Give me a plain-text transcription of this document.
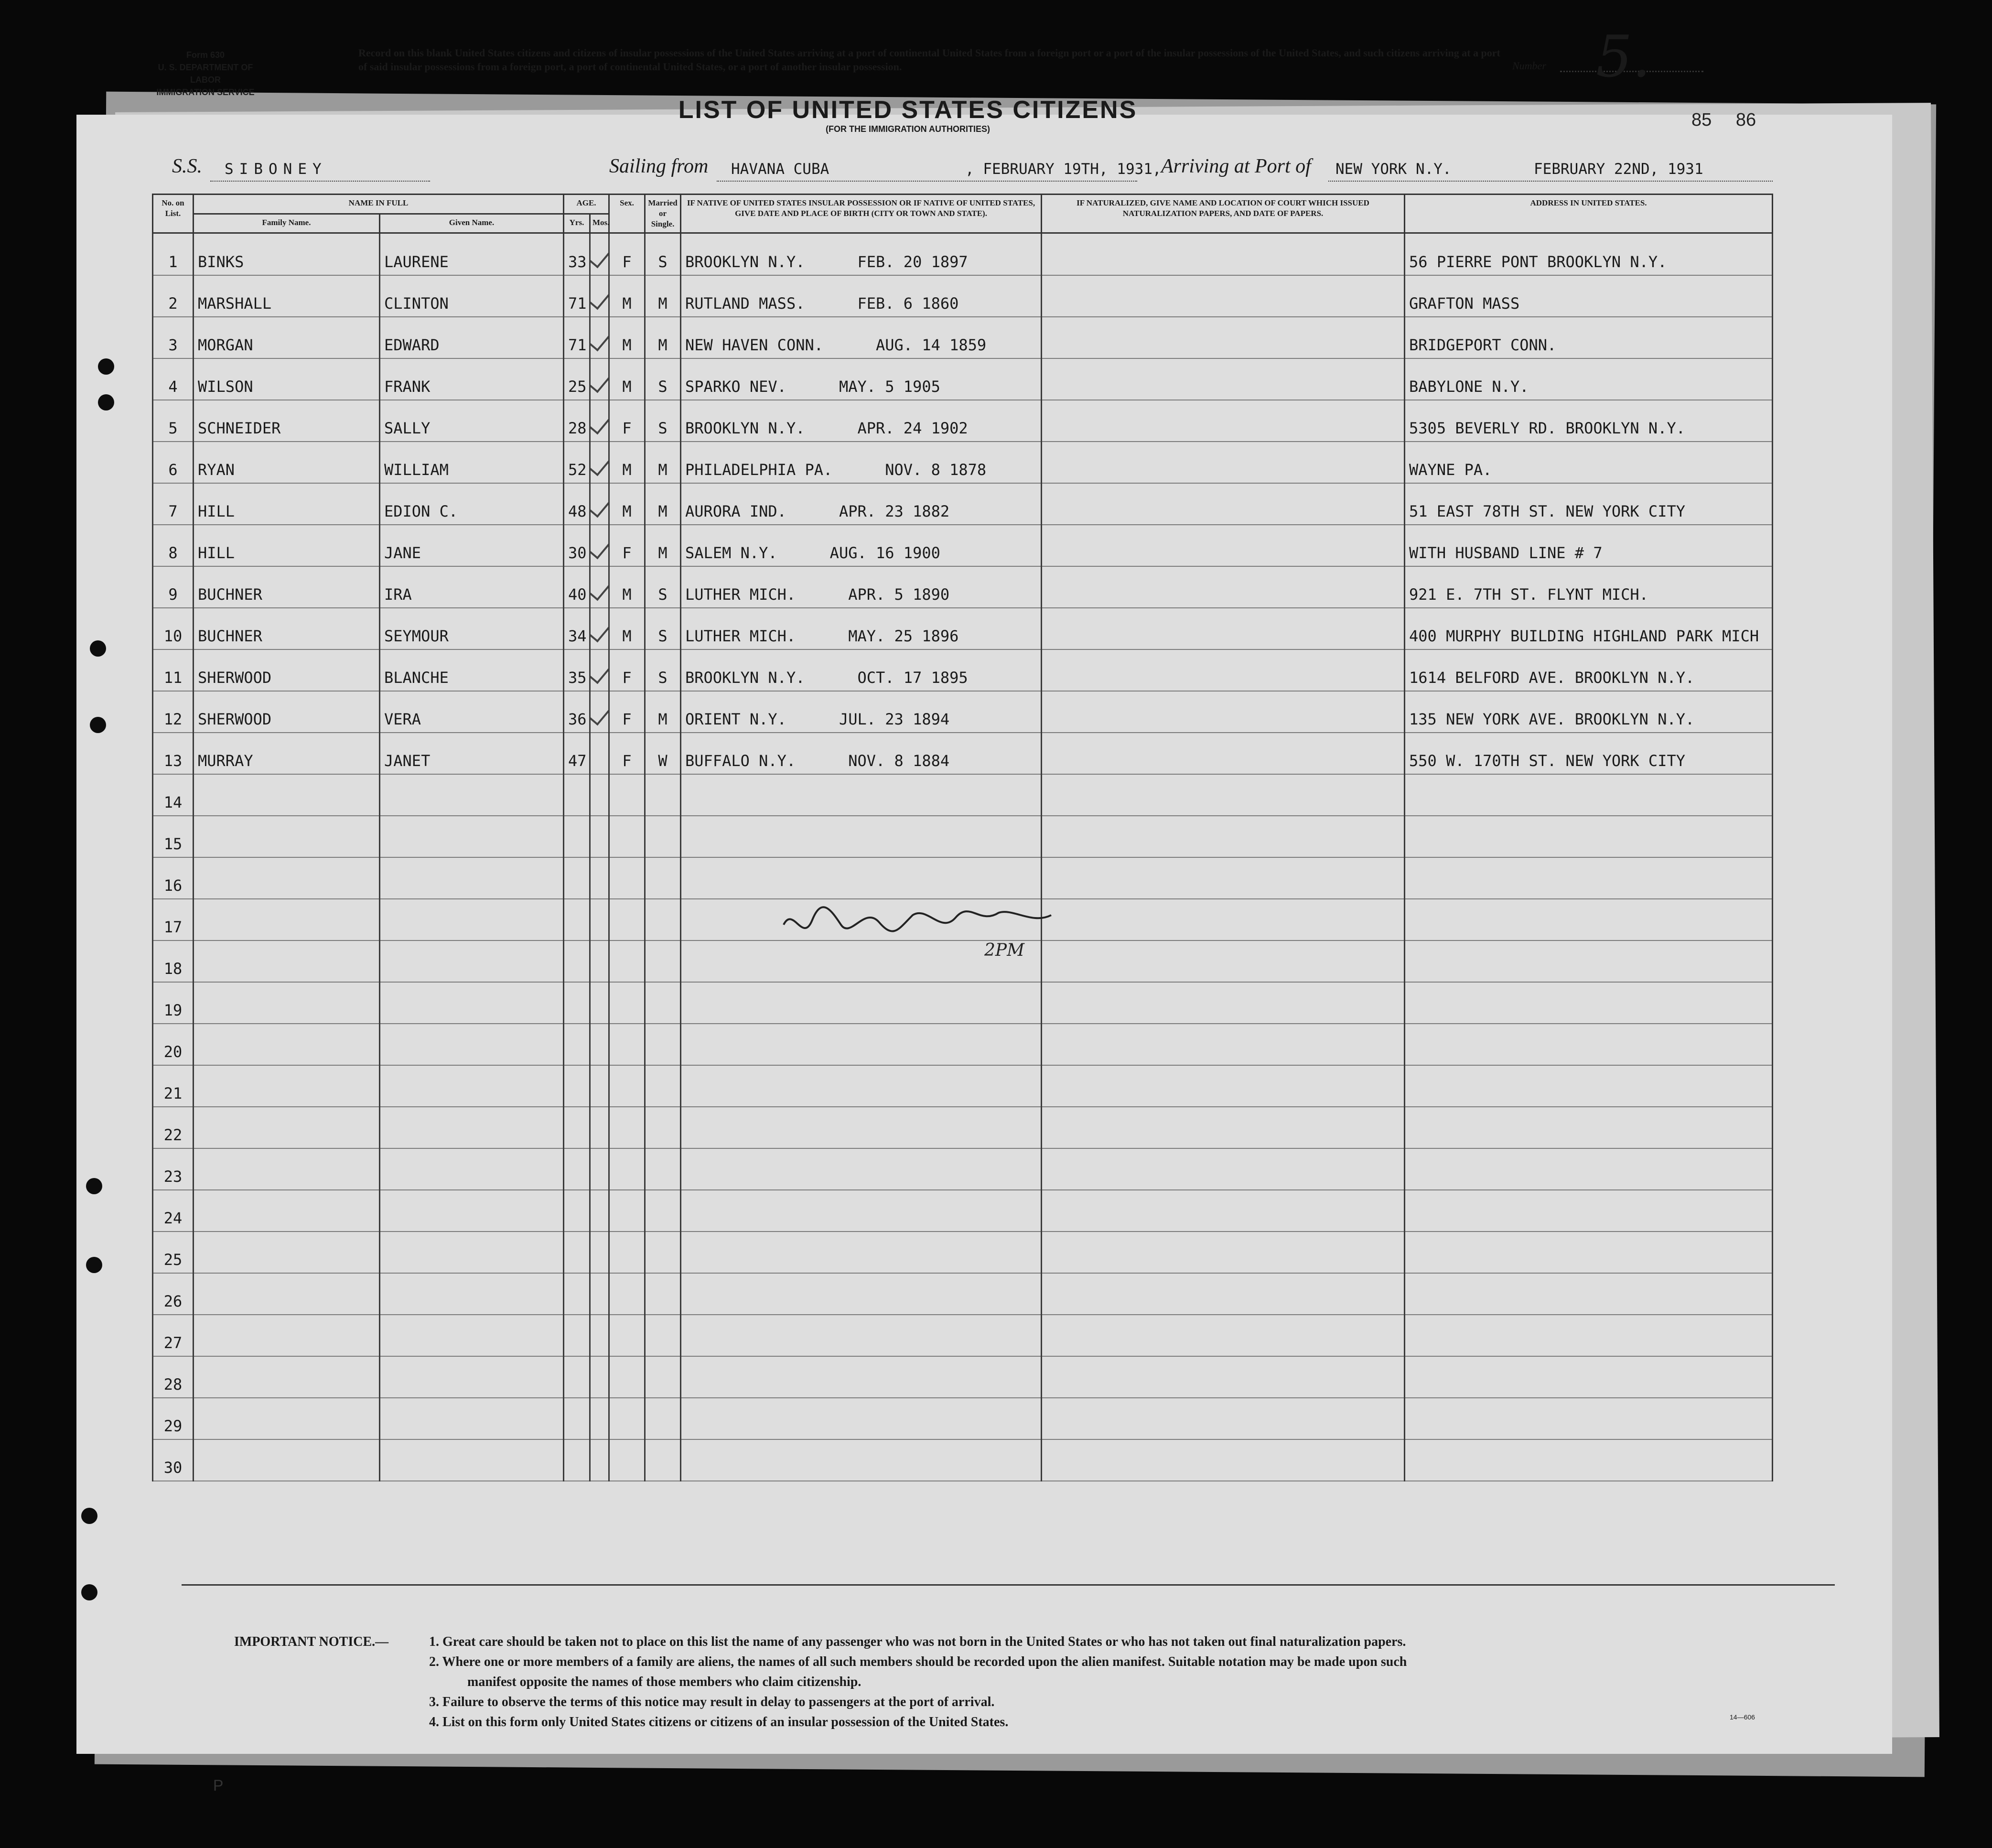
Form 630
U. S. DEPARTMENT OF LABOR
IMMIGRATION SERVICE
Record on this blank United States citizens and citizens of insular possessions of the United States arriving at a port of continental United States from a foreign port or a port of the insular possessions of the United States, and such citizens arriving at a port of said insular possessions from a foreign port, a port of continental United States, or a port of another insular possession.	Number 5.
LIST OF UNITED STATES CITIZENS
(FOR THE IMMIGRATION AUTHORITIES)	85 86
S.S. SIBONEY	Sailing from HAVANA CUBA	, FEBRUARY 19TH, 1931, Arriving at Port of NEW YORK N.Y.	FEBRUARY 22ND, 1931
No. on List.	NAME IN FULL		AGE.		Sex.	Married or Single.	IF NATIVE OF UNITED STATES INSULAR POSSESSION OR IF NATIVE OF UNITED STATES, GIVE DATE AND PLACE OF BIRTH (CITY OR TOWN AND STATE).	IF NATURALIZED, GIVE NAME AND LOCATION OF COURT WHICH ISSUED NATURALIZATION PAPERS, AND DATE OF PAPERS.	ADDRESS IN UNITED STATES.
	Family Name.	Given Name.	Yrs.	Mos.					
1	BINKS	LAURENE	33		F	S	BROOKLYN N.Y. FEB. 20 1897		56 PIERRE PONT BROOKLYN N.Y.
2	MARSHALL	CLINTON	71		M	M	RUTLAND MASS. FEB. 6 1860		GRAFTON MASS
3	MORGAN	EDWARD	71		M	M	NEW HAVEN CONN. AUG. 14 1859		BRIDGEPORT CONN.
4	WILSON	FRANK	25		M	S	SPARKO NEV. MAY. 5 1905		BABYLONE N.Y.
5	SCHNEIDER	SALLY	28		F	S	BROOKLYN N.Y. APR. 24 1902		5305 BEVERLY RD. BROOKLYN N.Y.
6	RYAN	WILLIAM	52		M	M	PHILADELPHIA PA. NOV. 8 1878		WAYNE PA.
7	HILL	EDION C.	48		M	M	AURORA IND. APR. 23 1882		51 EAST 78TH ST. NEW YORK CITY
8	HILL	JANE	30		F	M	SALEM N.Y. AUG. 16 1900		WITH HUSBAND LINE # 7
9	BUCHNER	IRA	40		M	S	LUTHER MICH. APR. 5 1890		921 E. 7TH ST. FLYNT MICH.
10	BUCHNER	SEYMOUR	34		M	S	LUTHER MICH. MAY. 25 1896		400 MURPHY BUILDING HIGHLAND PARK MICH
11	SHERWOOD	BLANCHE	35		F	S	BROOKLYN N.Y. OCT. 17 1895		1614 BELFORD AVE. BROOKLYN N.Y.
12	SHERWOOD	VERA	36		F	M	ORIENT N.Y. JUL. 23 1894		135 NEW YORK AVE. BROOKLYN N.Y.
13	MURRAY	JANET	47		F	W	BUFFALO N.Y. NOV. 8 1884		550 W. 170TH ST. NEW YORK CITY
14									
15									
16									
17									
18									
19									
20									
21									
22									
23									
24									
25									
26									
27									
28									
29									
30									
2PM
IMPORTANT NOTICE.—	1. Great care should be taken not to place on this list the name of any passenger who was not born in the United States or who has not taken out final naturalization papers.
2. Where one or more members of a family are aliens, the names of all such members should be recorded upon the alien manifest. Suitable notation may be made upon such
manifest opposite the names of those members who claim citizenship.
3. Failure to observe the terms of this notice may result in delay to passengers at the port of arrival.
4. List on this form only United States citizens or citizens of an insular possession of the United States.	14—606
P
